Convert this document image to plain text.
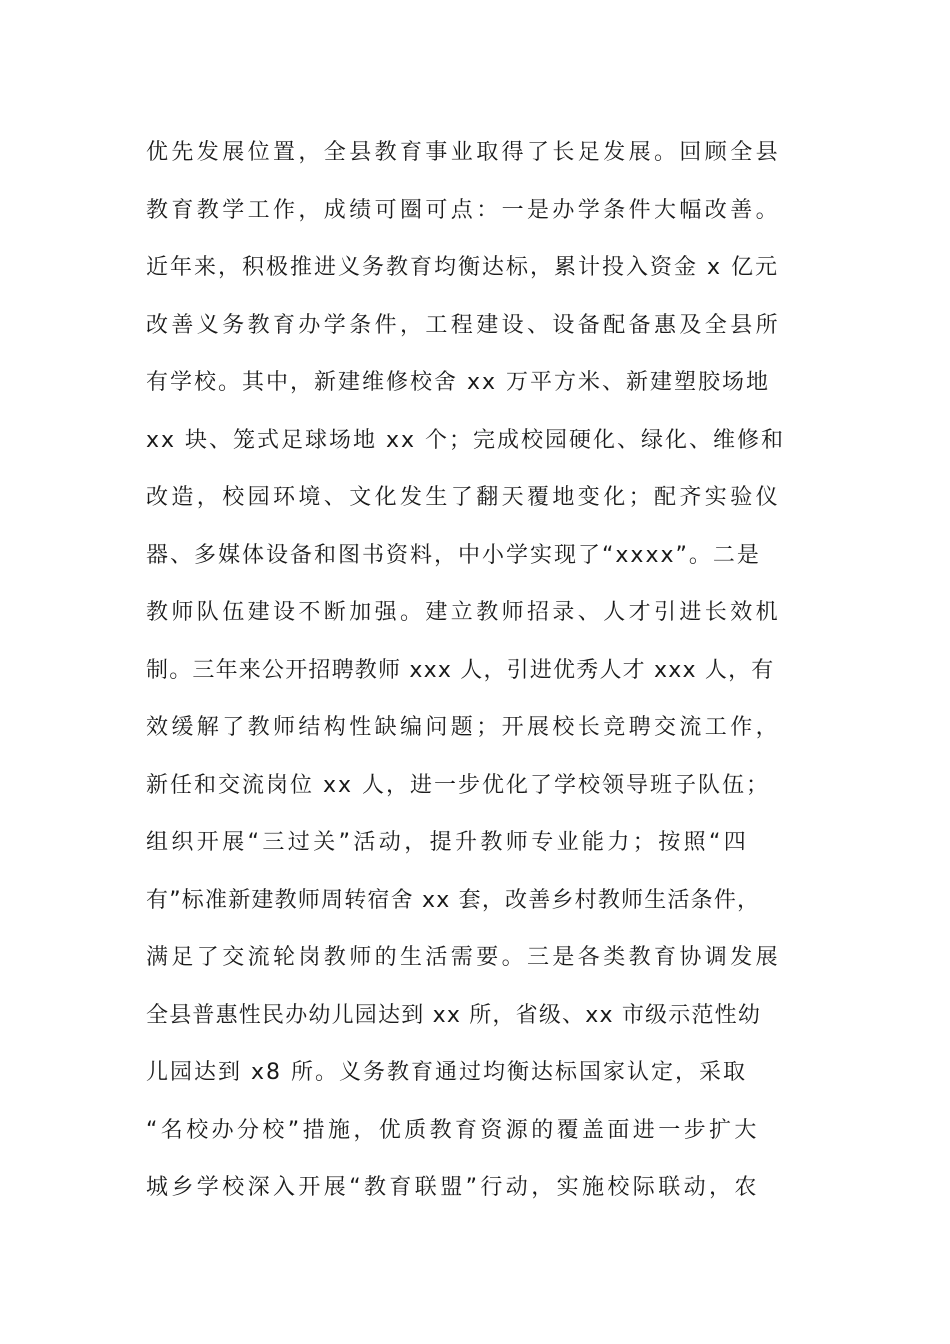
优先发展位置，全县教育事业取得了长足发展。回顾全县
教育教学工作，成绩可圈可点：一是办学条件大幅改善。
近年来，积极推进义务教育均衡达标，累计投入资金 x 亿元
改善义务教育办学条件，工程建设、设备配备惠及全县所
有学校。其中，新建维修校舍 xx 万平方米、新建塑胶场地
xx 块、笼式足球场地 xx 个；完成校园硬化、绿化、维修和
改造，校园环境、文化发生了翻天覆地变化；配齐实验仪
器、多媒体设备和图书资料，中小学实现了“xxxx”。二是
教师队伍建设不断加强。建立教师招录、人才引进长效机
制。三年来公开招聘教师 xxx 人，引进优秀人才 xxx 人，有
效缓解了教师结构性缺编问题；开展校长竞聘交流工作，
新任和交流岗位 xx 人，进一步优化了学校领导班子队伍；
组织开展“三过关”活动，提升教师专业能力；按照“四
有”标准新建教师周转宿舍 xx 套，改善乡村教师生活条件，
满足了交流轮岗教师的生活需要。三是各类教育协调发展
全县普惠性民办幼儿园达到 xx 所，省级、xx 市级示范性幼
儿园达到 x8 所。义务教育通过均衡达标国家认定，采取
“名校办分校”措施，优质教育资源的覆盖面进一步扩大
城乡学校深入开展“教育联盟”行动，实施校际联动，农
